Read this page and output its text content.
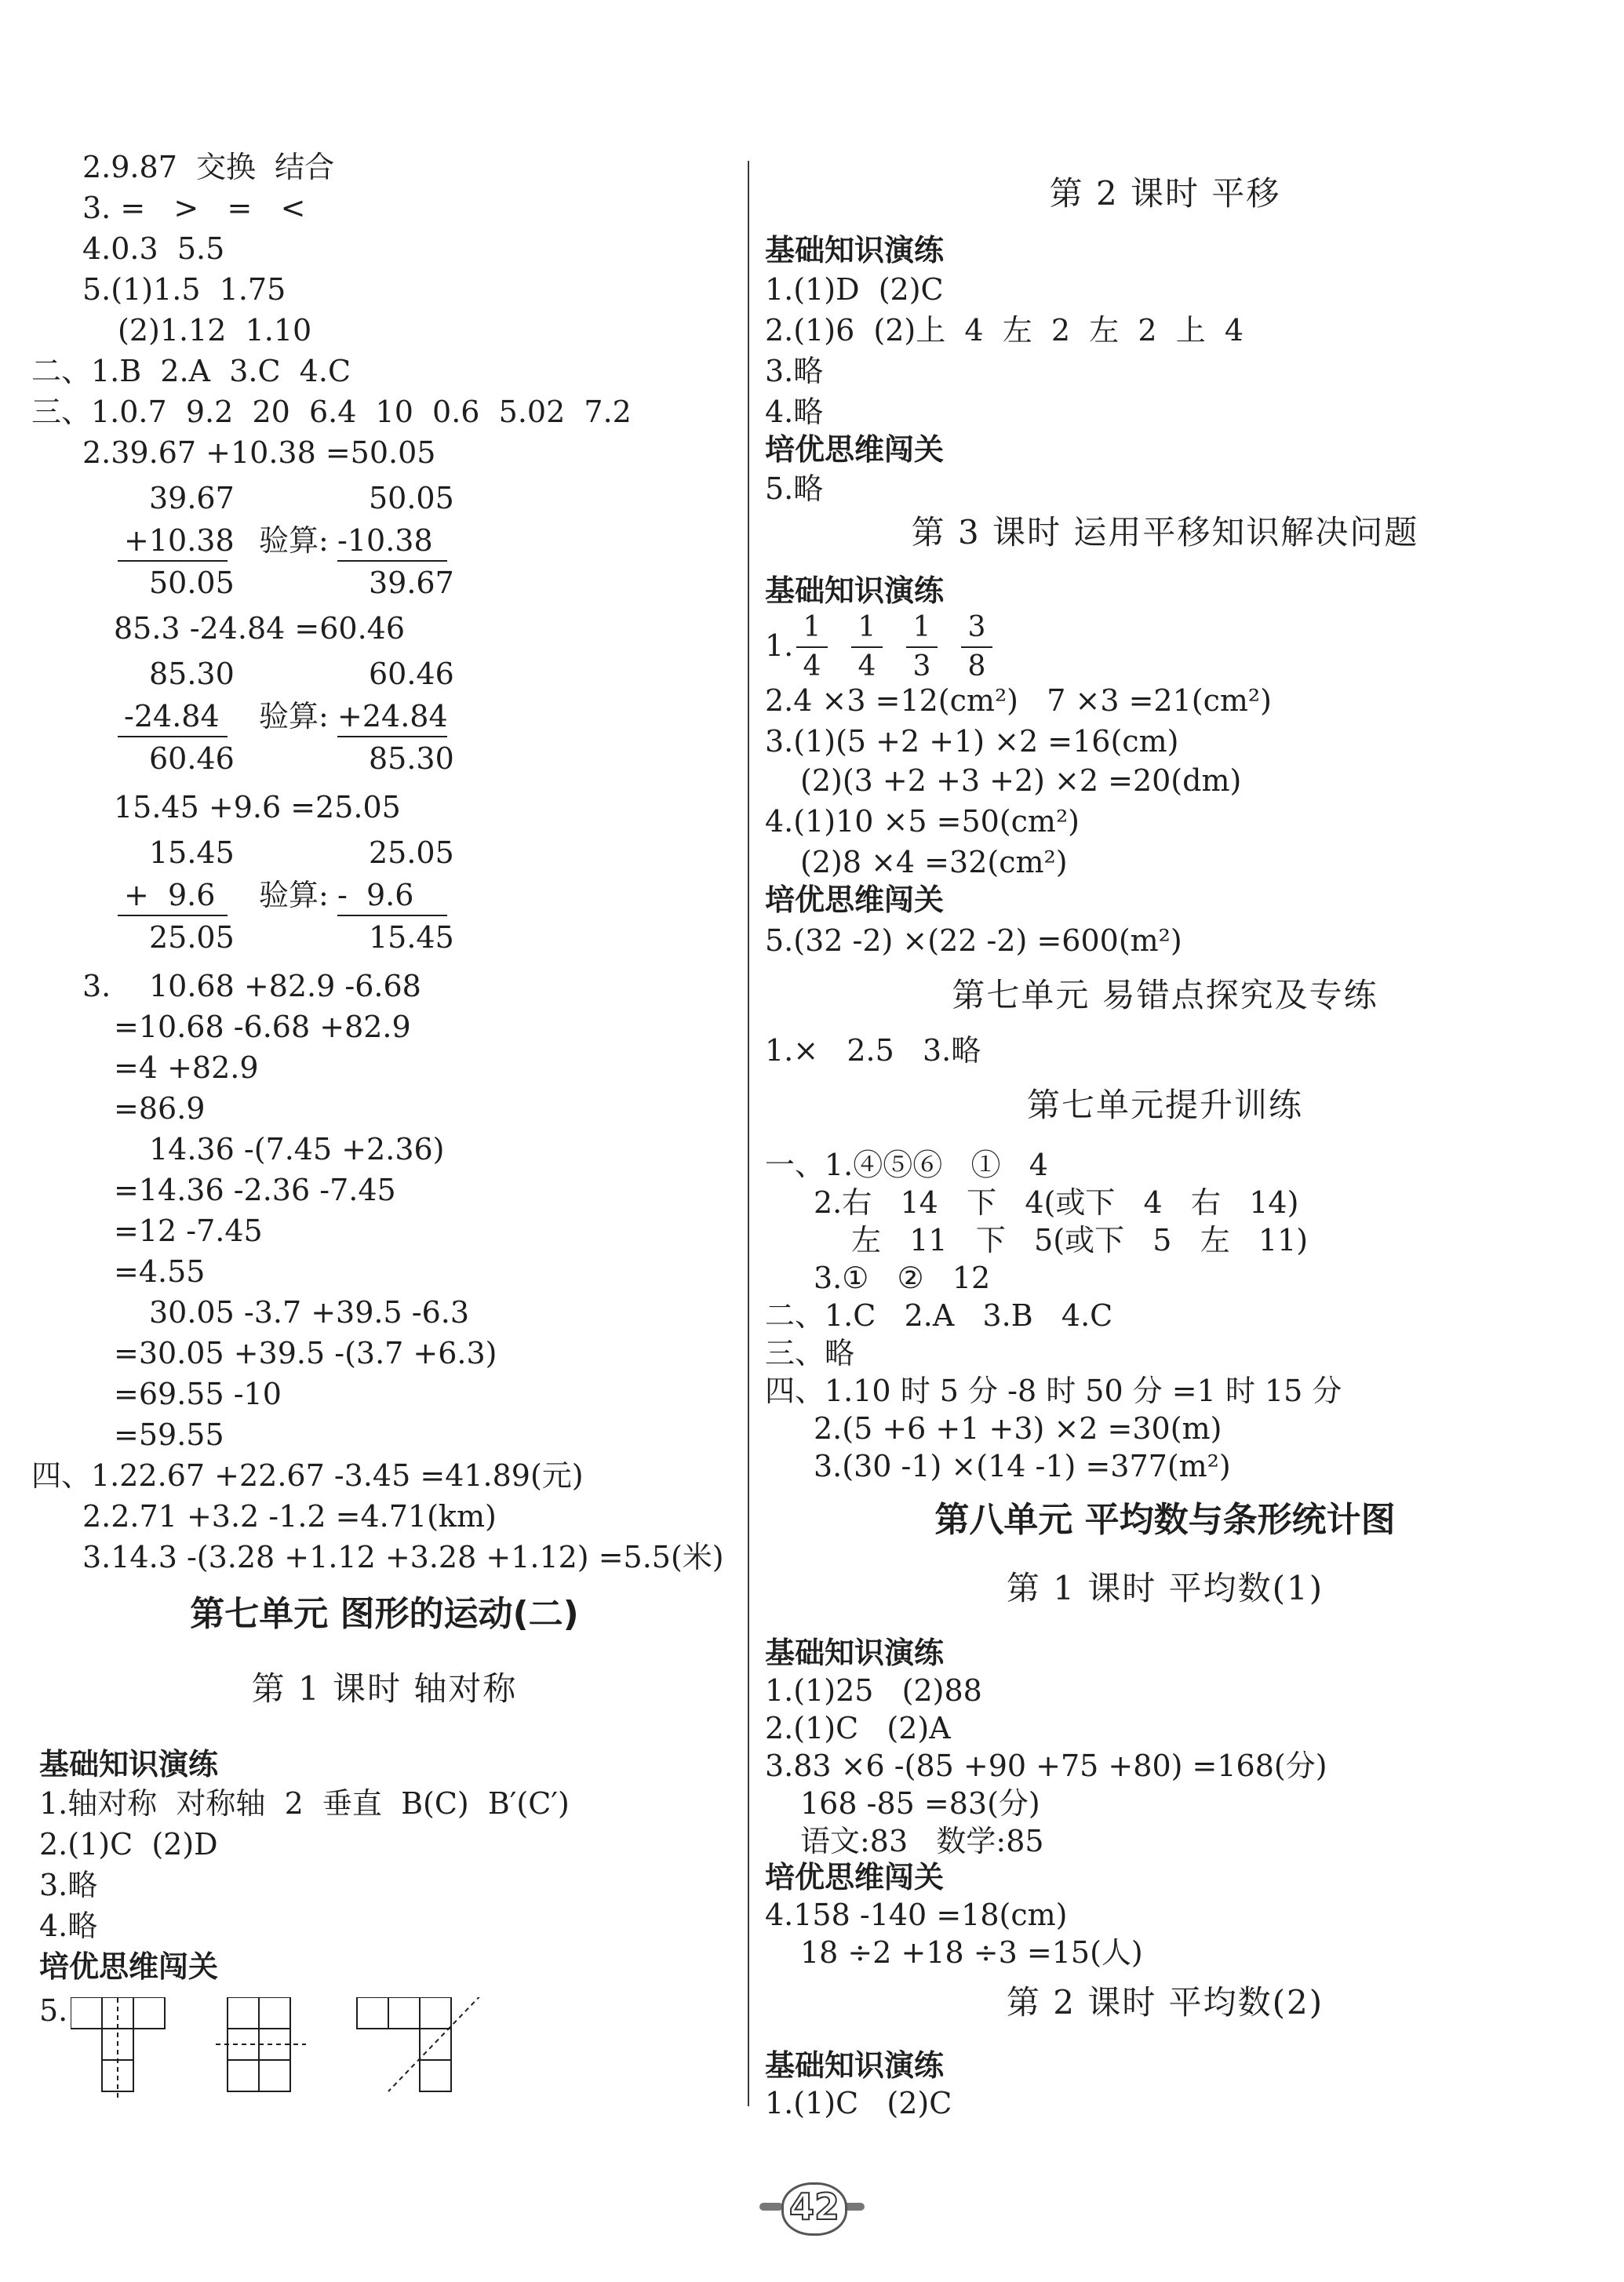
2.9.87  交换  结合
3. =   >   =   <
4.0.3  5.5
5.(1)1.5  1.75
(2)1.12  1.10
二、1.B  2.A  3.C  4.C
三、1.0.7  9.2  20  6.4  10  0.6  5.02  7.2
2.39.67 +10.38 =50.05
39.67	50.05
+10.38 验算: -10.38
50.05	39.67
85.3 -24.84 =60.46
85.30	60.46
-24.84 验算: +24.84
60.46	85.30
15.45 +9.6 =25.05
15.45	25.05
+  9.6 验算: -  9.6
25.05	15.45
3. 10.68 +82.9 -6.68
=10.68 -6.68 +82.9
=4 +82.9
=86.9
14.36 -(7.45 +2.36)
=14.36 -2.36 -7.45
=12 -7.45
=4.55
30.05 -3.7 +39.5 -6.3
=30.05 +39.5 -(3.7 +6.3)
=69.55 -10
=59.55
四、1.22.67 +22.67 -3.45 =41.89(元)
2.2.71 +3.2 -1.2 =4.71(km)
3.14.3 -(3.28 +1.12 +3.28 +1.12) =5.5(米)
第七单元 图形的运动(二)
第 1 课时 轴对称
基础知识演练
1.轴对称  对称轴  2  垂直  B(C)  B′(C′)
2.(1)C  (2)D
3.略
4.略
培优思维闯关
5.
第 2 课时 平移
基础知识演练
1.(1)D  (2)C
2.(1)6  (2)上  4  左  2  左  2  上  4
3.略
4.略
培优思维闯关
5.略
第 3 课时 运用平移知识解决问题
基础知识演练
1.
1
4
1
4
1
3
3
8
2.4 ×3 =12(cm²)   7 ×3 =21(cm²)
3.(1)(5 +2 +1) ×2 =16(cm)
(2)(3 +2 +3 +2) ×2 =20(dm)
4.(1)10 ×5 =50(cm²)
(2)8 ×4 =32(cm²)
培优思维闯关
5.(32 -2) ×(22 -2) =600(m²)
第七单元 易错点探究及专练
1.×   2.5   3.略
第七单元提升训练
一、1.④⑤⑥   ①   4
2.右   14   下   4(或下   4   右   14)
左   11   下   5(或下   5   左   11)
3.①   ②   12
二、1.C   2.A   3.B   4.C
三、略
四、1.10 时 5 分 -8 时 50 分 =1 时 15 分
2.(5 +6 +1 +3) ×2 =30(m)
3.(30 -1) ×(14 -1) =377(m²)
第八单元 平均数与条形统计图
第 1 课时 平均数(1)
基础知识演练
1.(1)25   (2)88
2.(1)C   (2)A
3.83 ×6 -(85 +90 +75 +80) =168(分)
168 -85 =83(分)
语文:83   数学:85
培优思维闯关
4.158 -140 =18(cm)
18 ÷2 +18 ÷3 =15(人)
第 2 课时 平均数(2)
基础知识演练
1.(1)C   (2)C
42
